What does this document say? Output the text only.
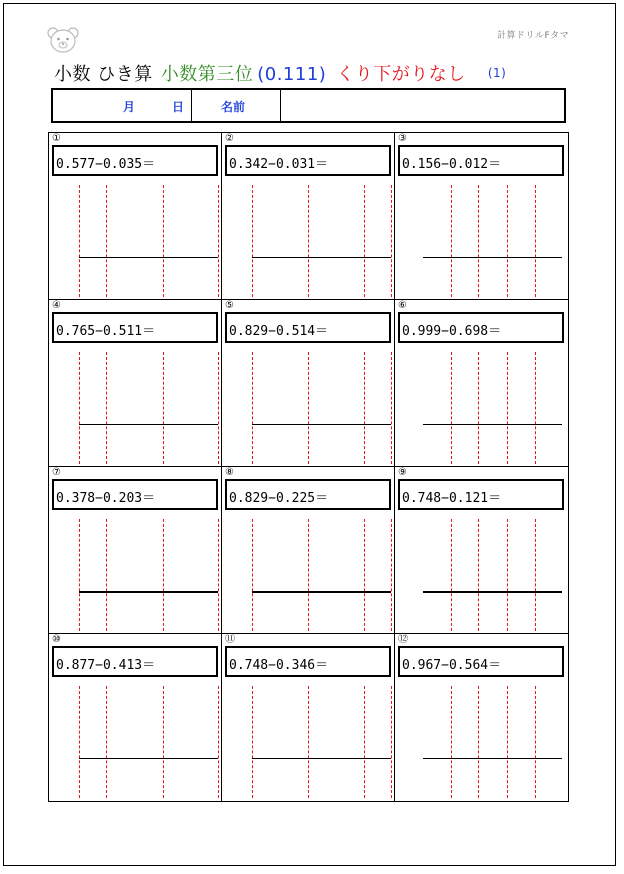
計算ドリルFタマ
小数 ひき算 小数第三位 (0.111) くり下がりなし (1)
月	日	名前
①
0.577−0.035＝
②
0.342−0.031＝
③
0.156−0.012＝
④
0.765−0.511＝
⑤
0.829−0.514＝
⑥
0.999−0.698＝
⑦
0.378−0.203＝
⑧
0.829−0.225＝
⑨
0.748−0.121＝
⑩
0.877−0.413＝
⑪
0.748−0.346＝
⑫
0.967−0.564＝
